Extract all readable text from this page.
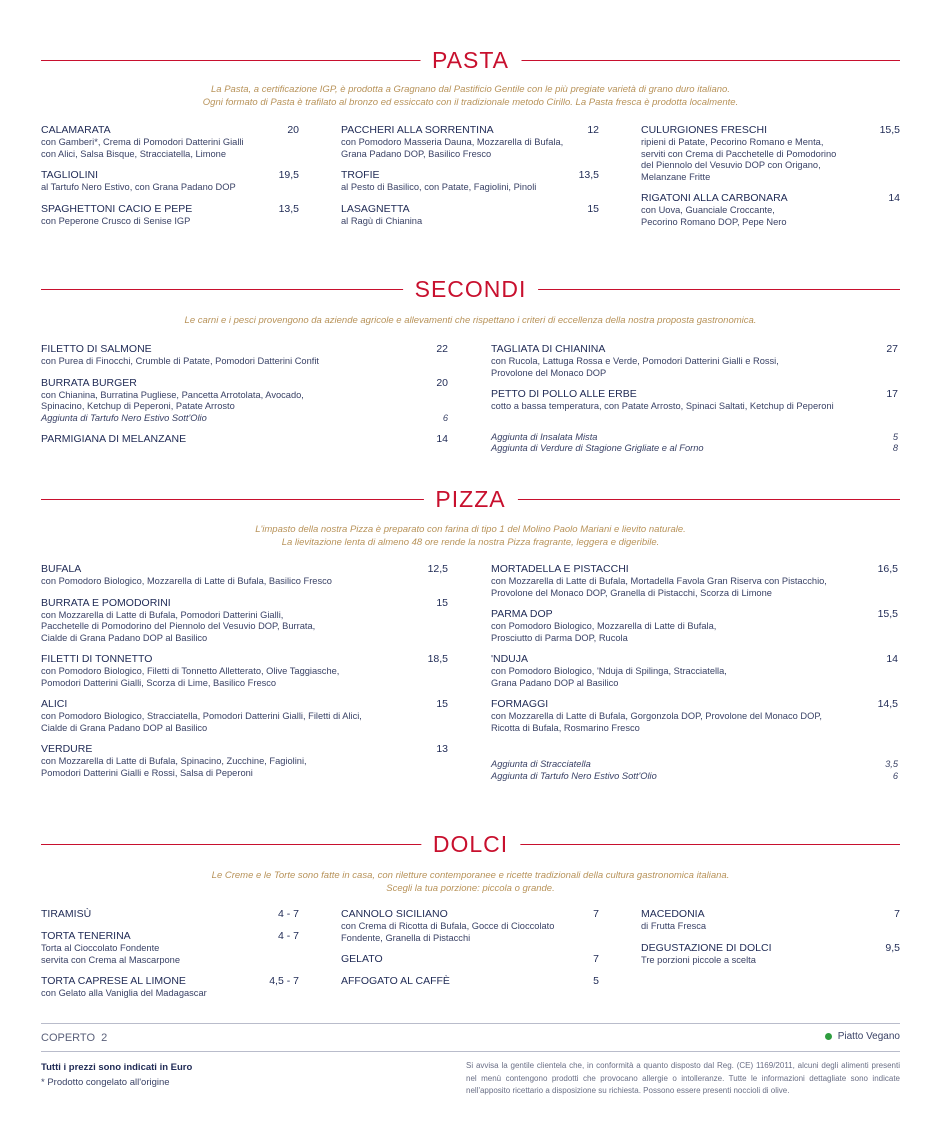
PASTA
La Pasta, a certificazione IGP, è prodotta a Gragnano dal Pastificio Gentile con le più pregiate varietà di grano duro italiano.
Ogni formato di Pasta è trafilato al bronzo ed essiccato con il tradizionale metodo Cirillo. La Pasta fresca è prodotta localmente.
CALAMARATA	20
con Gamberi*, Crema di Pomodori Datterini Gialli
con Alici, Salsa Bisque, Stracciatella, Limone
TAGLIOLINI	19,5
al Tartufo Nero Estivo, con Grana Padano DOP
SPAGHETTONI CACIO E PEPE	13,5
con Peperone Crusco di Senise IGP
PACCHERI ALLA SORRENTINA	12
con Pomodoro Masseria Dauna, Mozzarella di Bufala,
Grana Padano DOP, Basilico Fresco
TROFIE	13,5
al Pesto di Basilico, con Patate, Fagiolini, Pinoli
LASAGNETTA	15
al Ragù di Chianina
CULURGIONES FRESCHI	15,5
ripieni di Patate, Pecorino Romano e Menta,
serviti con Crema di Pacchetelle di Pomodorino
del Piennolo del Vesuvio DOP con Origano,
Melanzane Fritte
RIGATONI ALLA CARBONARA	14
con Uova, Guanciale Croccante,
Pecorino Romano DOP, Pepe Nero
SECONDI
Le carni e i pesci provengono da aziende agricole e allevamenti che rispettano i criteri di eccellenza della nostra proposta gastronomica.
FILETTO DI SALMONE	22
con Purea di Finocchi, Crumble di Patate, Pomodori Datterini Confit
BURRATA BURGER	20
con Chianina, Burratina Pugliese, Pancetta Arrotolata, Avocado,
Spinacino, Ketchup di Peperoni, Patate Arrosto
Aggiunta di Tartufo Nero Estivo Sott'Olio	6
PARMIGIANA DI MELANZANE	14
TAGLIATA DI CHIANINA	27
con Rucola, Lattuga Rossa e Verde, Pomodori Datterini Gialli e Rossi,
Provolone del Monaco DOP
PETTO DI POLLO ALLE ERBE	17
cotto a bassa temperatura, con Patate Arrosto, Spinaci Saltati, Ketchup di Peperoni
Aggiunta di Insalata Mista	5
Aggiunta di Verdure di Stagione Grigliate e al Forno	8
PIZZA
L'impasto della nostra Pizza è preparato con farina di tipo 1 del Molino Paolo Mariani e lievito naturale.
La lievitazione lenta di almeno 48 ore rende la nostra Pizza fragrante, leggera e digeribile.
BUFALA	12,5
con Pomodoro Biologico, Mozzarella di Latte di Bufala, Basilico Fresco
BURRATA E POMODORINI	15
con Mozzarella di Latte di Bufala, Pomodori Datterini Gialli,
Pacchetelle di Pomodorino del Piennolo del Vesuvio DOP, Burrata,
Cialde di Grana Padano DOP al Basilico
FILETTI DI TONNETTO	18,5
con Pomodoro Biologico, Filetti di Tonnetto Alletterato, Olive Taggiasche,
Pomodori Datterini Gialli, Scorza di Lime, Basilico Fresco
ALICI	15
con Pomodoro Biologico, Stracciatella, Pomodori Datterini Gialli, Filetti di Alici,
Cialde di Grana Padano DOP al Basilico
VERDURE	13
con Mozzarella di Latte di Bufala, Spinacino, Zucchine, Fagiolini,
Pomodori Datterini Gialli e Rossi, Salsa di Peperoni
MORTADELLA E PISTACCHI	16,5
con Mozzarella di Latte di Bufala, Mortadella Favola Gran Riserva con Pistacchio,
Provolone del Monaco DOP, Granella di Pistacchi, Scorza di Limone
PARMA DOP	15,5
con Pomodoro Biologico, Mozzarella di Latte di Bufala,
Prosciutto di Parma DOP, Rucola
'NDUJA	14
con Pomodoro Biologico, 'Nduja di Spilinga, Stracciatella,
Grana Padano DOP al Basilico
FORMAGGI	14,5
con Mozzarella di Latte di Bufala, Gorgonzola DOP, Provolone del Monaco DOP,
Ricotta di Bufala, Rosmarino Fresco
Aggiunta di Stracciatella	3,5
Aggiunta di Tartufo Nero Estivo Sott'Olio	6
DOLCI
Le Creme e le Torte sono fatte in casa, con riletture contemporanee e ricette tradizionali della cultura gastronomica italiana.
Scegli la tua porzione: piccola o grande.
TIRAMISÙ	4 - 7
TORTA TENERINA	4 - 7
Torta al Cioccolato Fondente
servita con Crema al Mascarpone
TORTA CAPRESE AL LIMONE	4,5 - 7
con Gelato alla Vaniglia del Madagascar
CANNOLO SICILIANO	7
con Crema di Ricotta di Bufala, Gocce di Cioccolato
Fondente, Granella di Pistacchi
GELATO	7
AFFOGATO AL CAFFÈ	5
MACEDONIA	7
di Frutta Fresca
DEGUSTAZIONE DI DOLCI	9,5
Tre porzioni piccole a scelta
COPERTO 2	Piatto Vegano
Tutti i prezzi sono indicati in Euro
* Prodotto congelato all'origine
Si avvisa la gentile clientela che, in conformità a quanto disposto dal Reg. (CE) 1169/2011, alcuni degli alimenti presenti nel menù contengono prodotti che provocano allergie o intolleranze. Tutte le informazioni dettagliate sono indicate nell'apposito ricettario a disposizione su richiesta. Possono essere presenti noccioli di olive.
